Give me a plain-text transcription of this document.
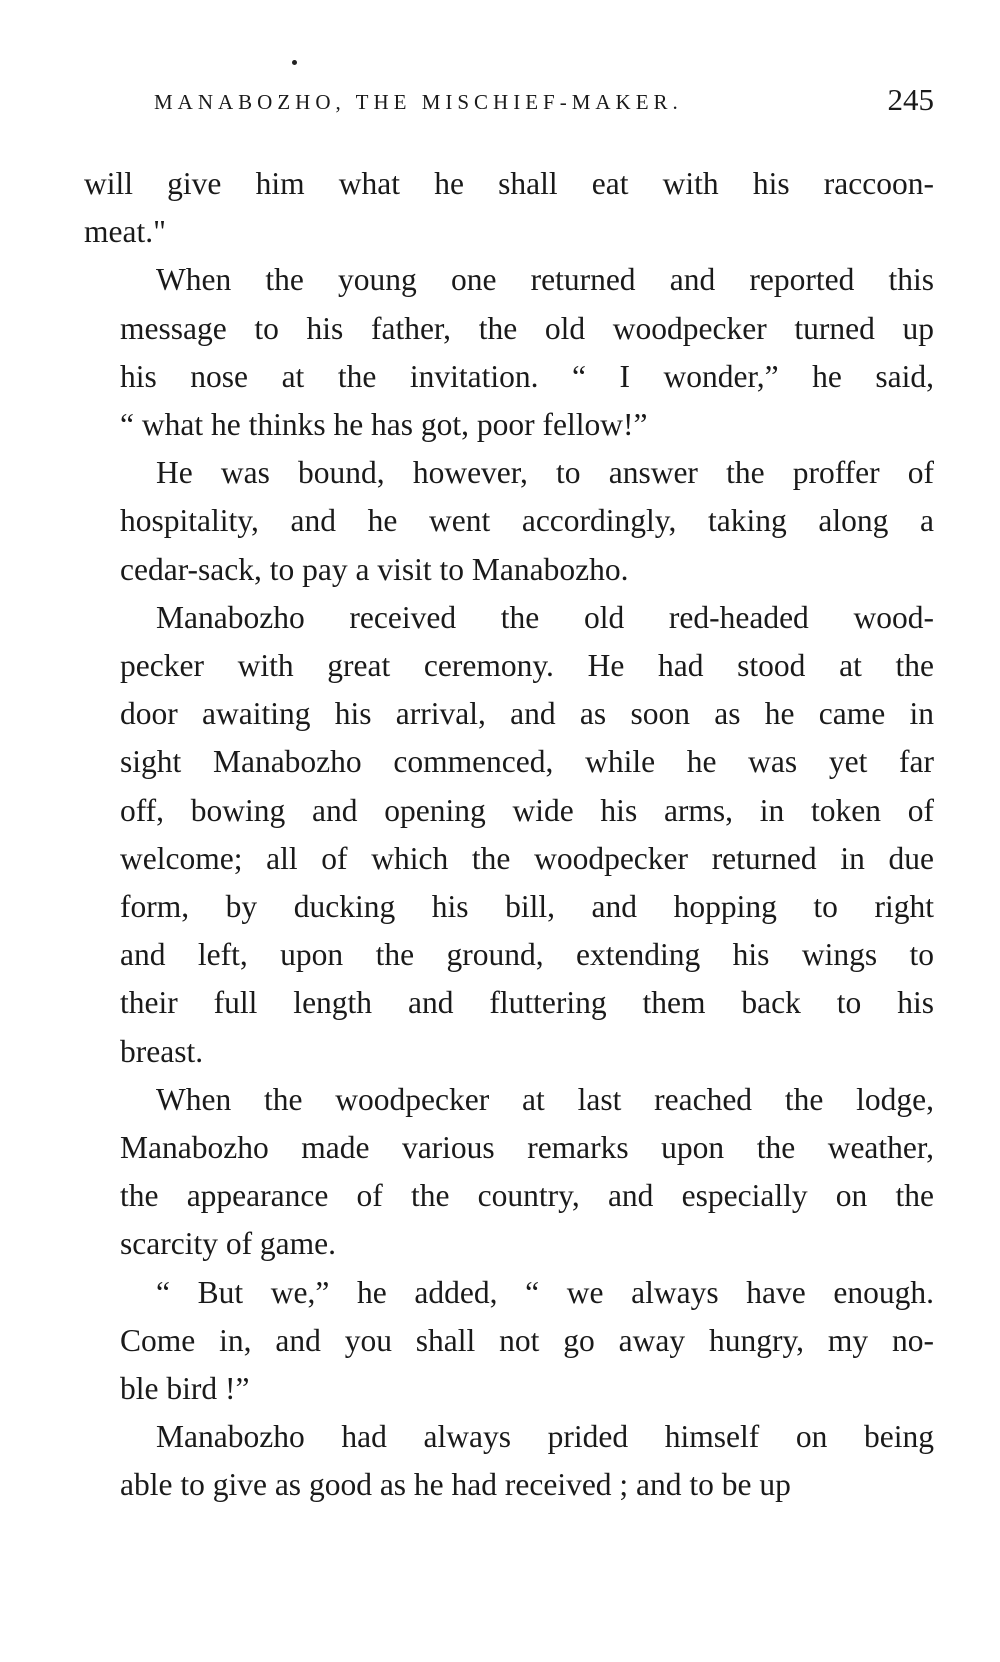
MANABOZHO, THE MISCHIEF-MAKER.	245
will give him what he shall eat with his raccoon-
meat."
When the young one returned and reported this
message to his father, the old woodpecker turned up
his nose at the invitation. “ I wonder,” he said,
“ what he thinks he has got, poor fellow!”
He was bound, however, to answer the proffer of
hospitality, and he went accordingly, taking along a
cedar-sack, to pay a visit to Manabozho.
Manabozho received the old red-headed wood-
pecker with great ceremony. He had stood at the
door awaiting his arrival, and as soon as he came in
sight Manabozho commenced, while he was yet far
off, bowing and opening wide his arms, in token of
welcome; all of which the woodpecker returned in due
form, by ducking his bill, and hopping to right
and left, upon the ground, extending his wings to
their full length and fluttering them back to his
breast.
When the woodpecker at last reached the lodge,
Manabozho made various remarks upon the weather,
the appearance of the country, and especially on the
scarcity of game.
“ But we,” he added, “ we always have enough.
Come in, and you shall not go away hungry, my no-
ble bird !”
Manabozho had always prided himself on being
able to give as good as he had received ; and to be up
